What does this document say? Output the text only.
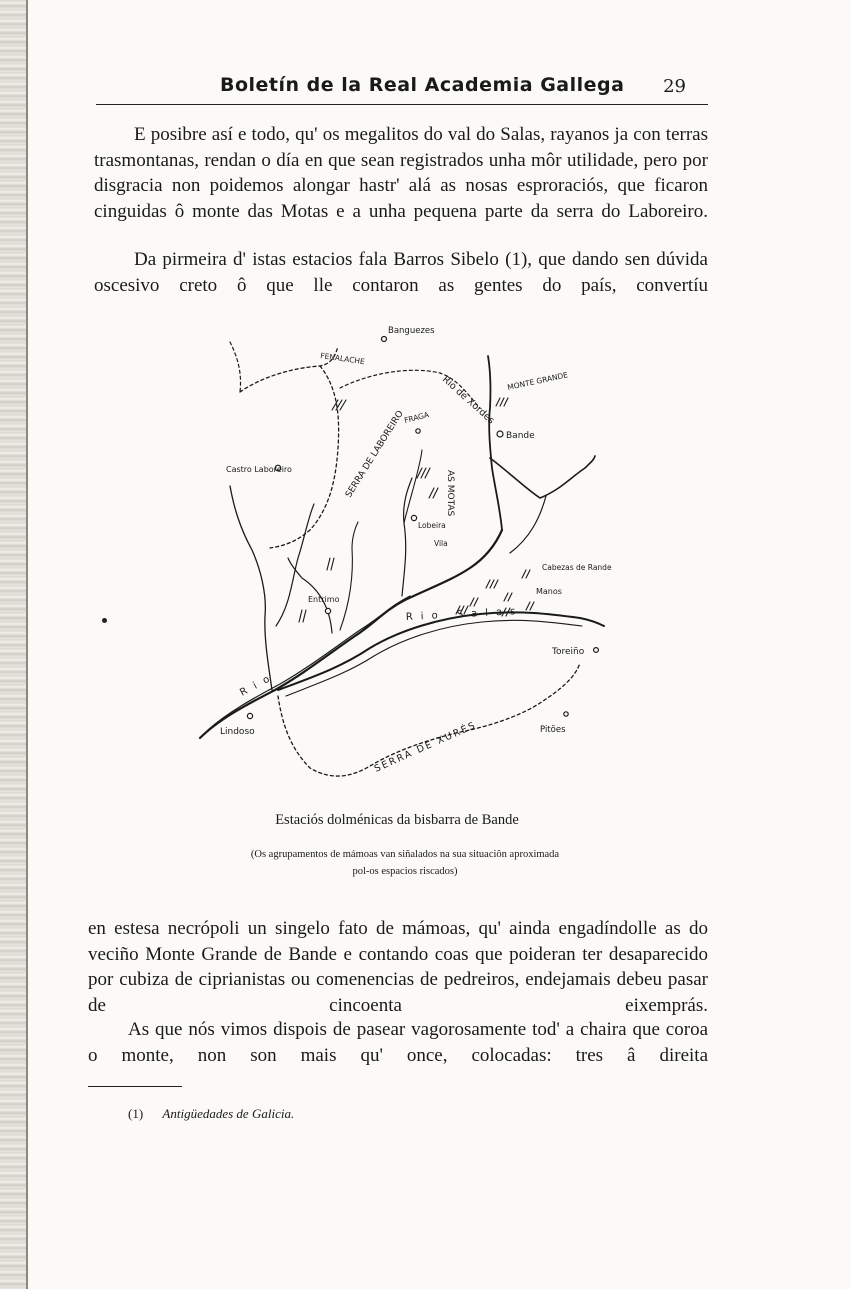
Boletín de la Real Academia Gallega 29

E posibre así e todo, qu' os megalitos do val do Salas, rayanos ja con terras trasmontanas, rendan o día en que sean registrados unha môr utilidade, pero por disgracia non poidemos alongar hastr' alá as nosas esproraciós, que ficaron cinguidas ô monte das Motas e a unha pequena parte da serra do Laboreiro.

Da pirmeira d' istas estacios fala Barros Sibelo (1), que dando sen dúvida oscesivo creto ô que lle contaron as gentes do país, convertíu

Banguezes
FENALACHE
Rio de Xordes MONTE GRANDE
SERRA DE LABOREIRO
FRAGA
Bande
Castro Laboreiro
AS MOTAS
Lobeira
Vila
Entrimo
Cabezas de Rande
Manos
Rio Salas
Toreiño
Rio
Lindoso	SERRA DE XURÉS	Pitões
Estaciós dolménicas da bisbarra de Bande
(Os agrupamentos de mámoas van siñalados na sua situaciôn aproximada
pol-os espacios riscados)

en estesa necrópoli un singelo fato de mámoas, qu' ainda engadíndolle as do veciño Monte Grande de Bande e contando coas que poideran ter desaparecido por cubiza de ciprianistas ou comenencias de pedreiros, endejamais debeu pasar de cincoenta eixemprás.

As que nós vimos dispois de pasear vagorosamente tod' a chaira que coroa o monte, non son mais qu' once, colocadas: tres â direita

(1) Antigüedades de Galicia.
